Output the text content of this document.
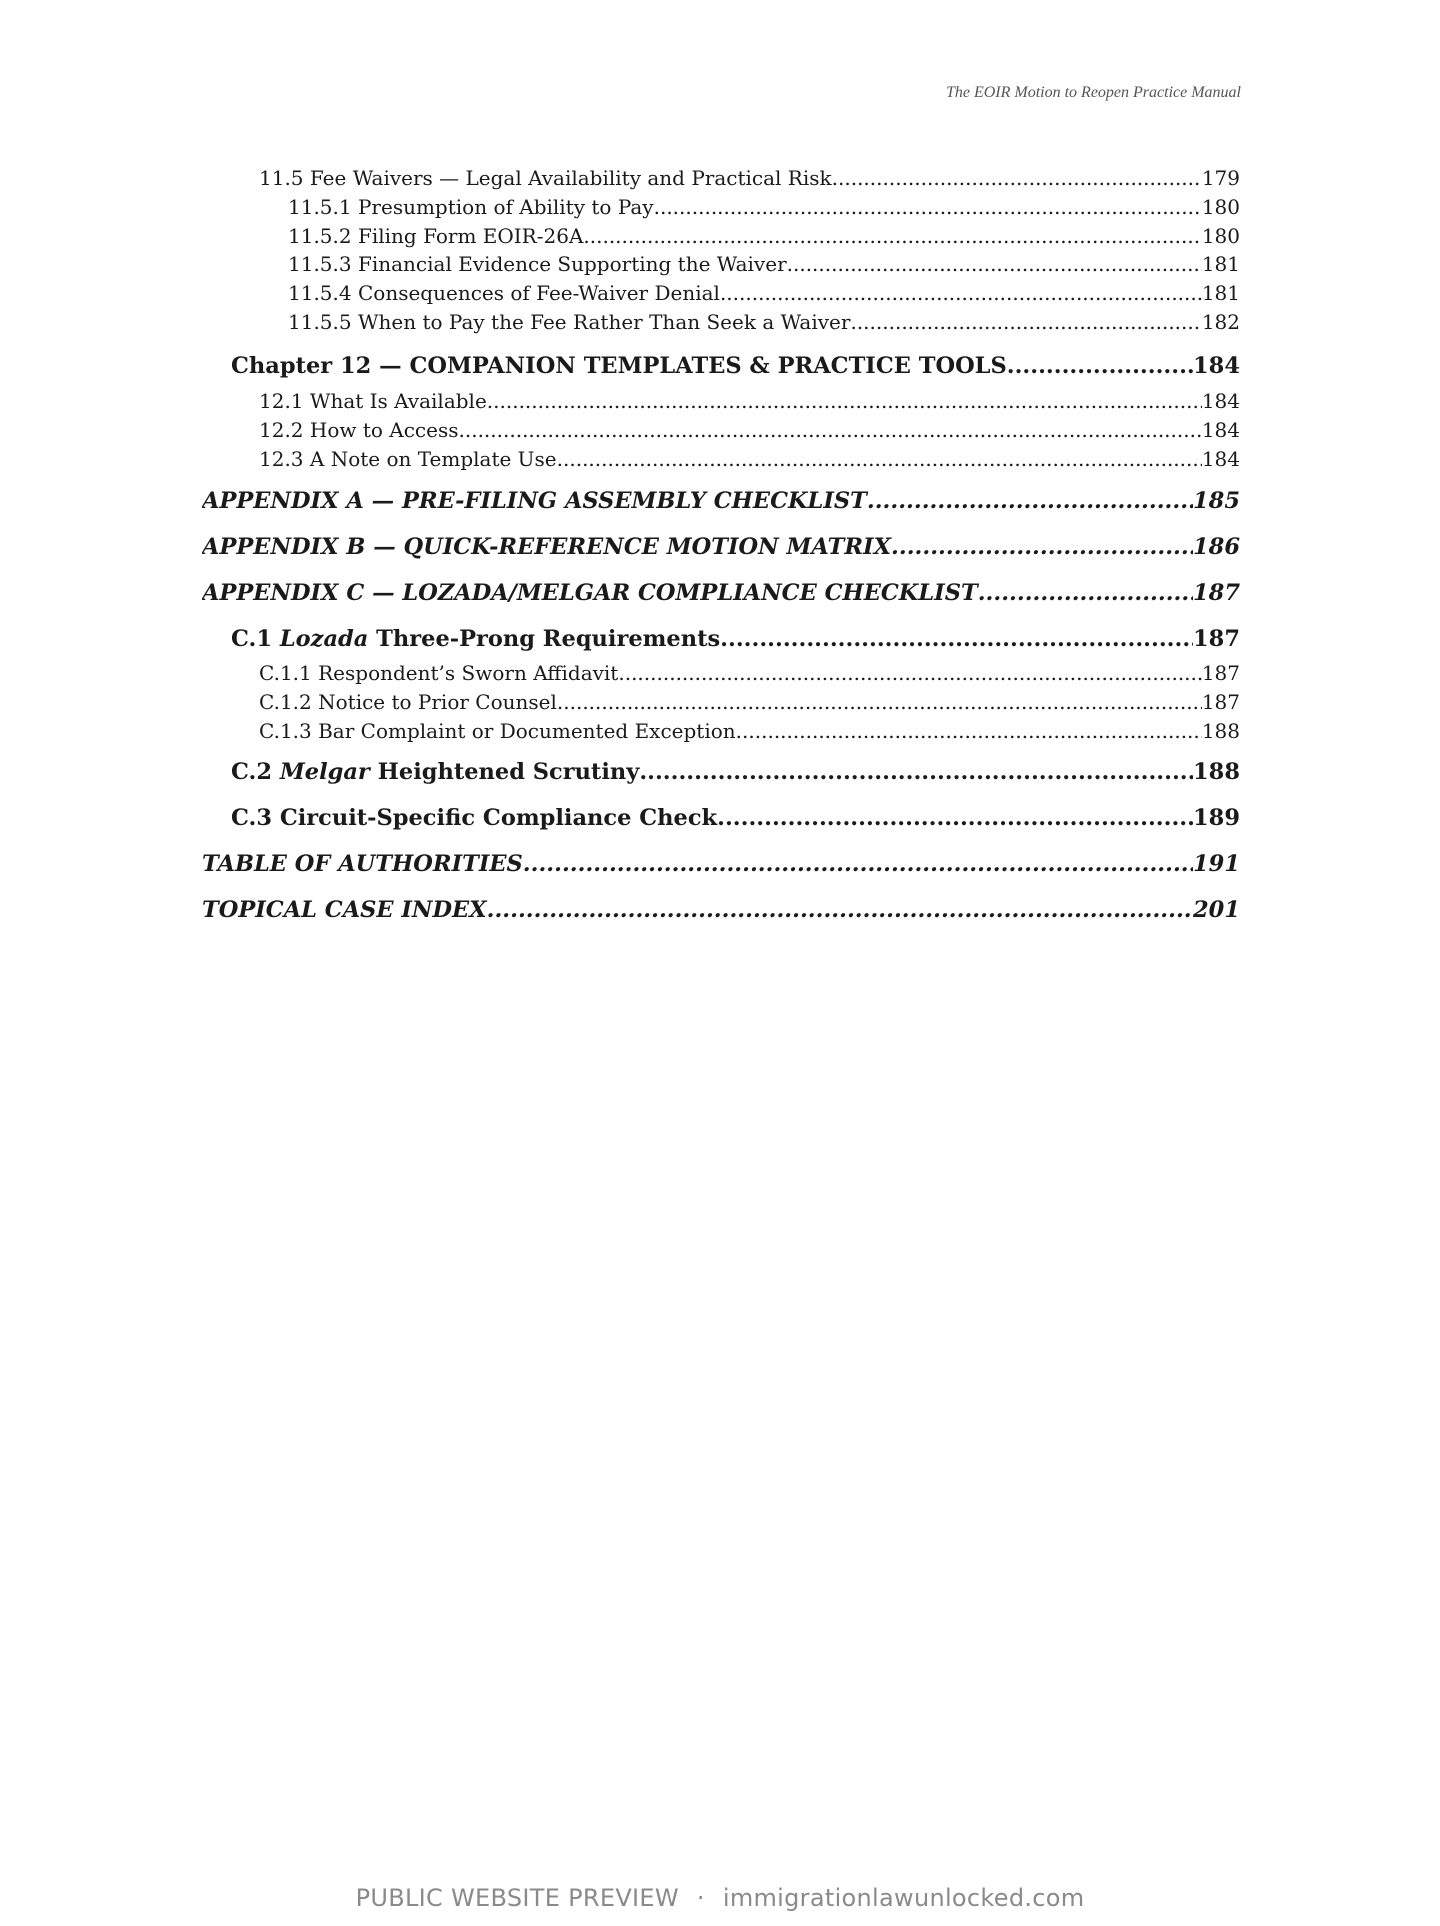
The EOIR Motion to Reopen Practice Manual
11.5 Fee Waivers — Legal Availability and Practical Risk .....	179
11.5.1 Presumption of Ability to Pay .....	180
11.5.2 Filing Form EOIR-26A .....	180
11.5.3 Financial Evidence Supporting the Waiver .....	181
11.5.4 Consequences of Fee-Waiver Denial .....	181
11.5.5 When to Pay the Fee Rather Than Seek a Waiver .....	182
Chapter 12 — COMPANION TEMPLATES & PRACTICE TOOLS .....	184
12.1 What Is Available .....	184
12.2 How to Access .....	184
12.3 A Note on Template Use .....	184
APPENDIX A — PRE-FILING ASSEMBLY CHECKLIST .....	185
APPENDIX B — QUICK-REFERENCE MOTION MATRIX .....	186
APPENDIX C — LOZADA/MELGAR COMPLIANCE CHECKLIST .....	187
C.1 Lozada Three-Prong Requirements .....	187
C.1.1 Respondent’s Sworn Affidavit .....	187
C.1.2 Notice to Prior Counsel .....	187
C.1.3 Bar Complaint or Documented Exception .....	188
C.2 Melgar Heightened Scrutiny .....	188
C.3 Circuit-Specific Compliance Check .....	189
TABLE OF AUTHORITIES .....	191
TOPICAL CASE INDEX .....	201
PUBLIC WEBSITE PREVIEW · immigrationlawunlocked.com
